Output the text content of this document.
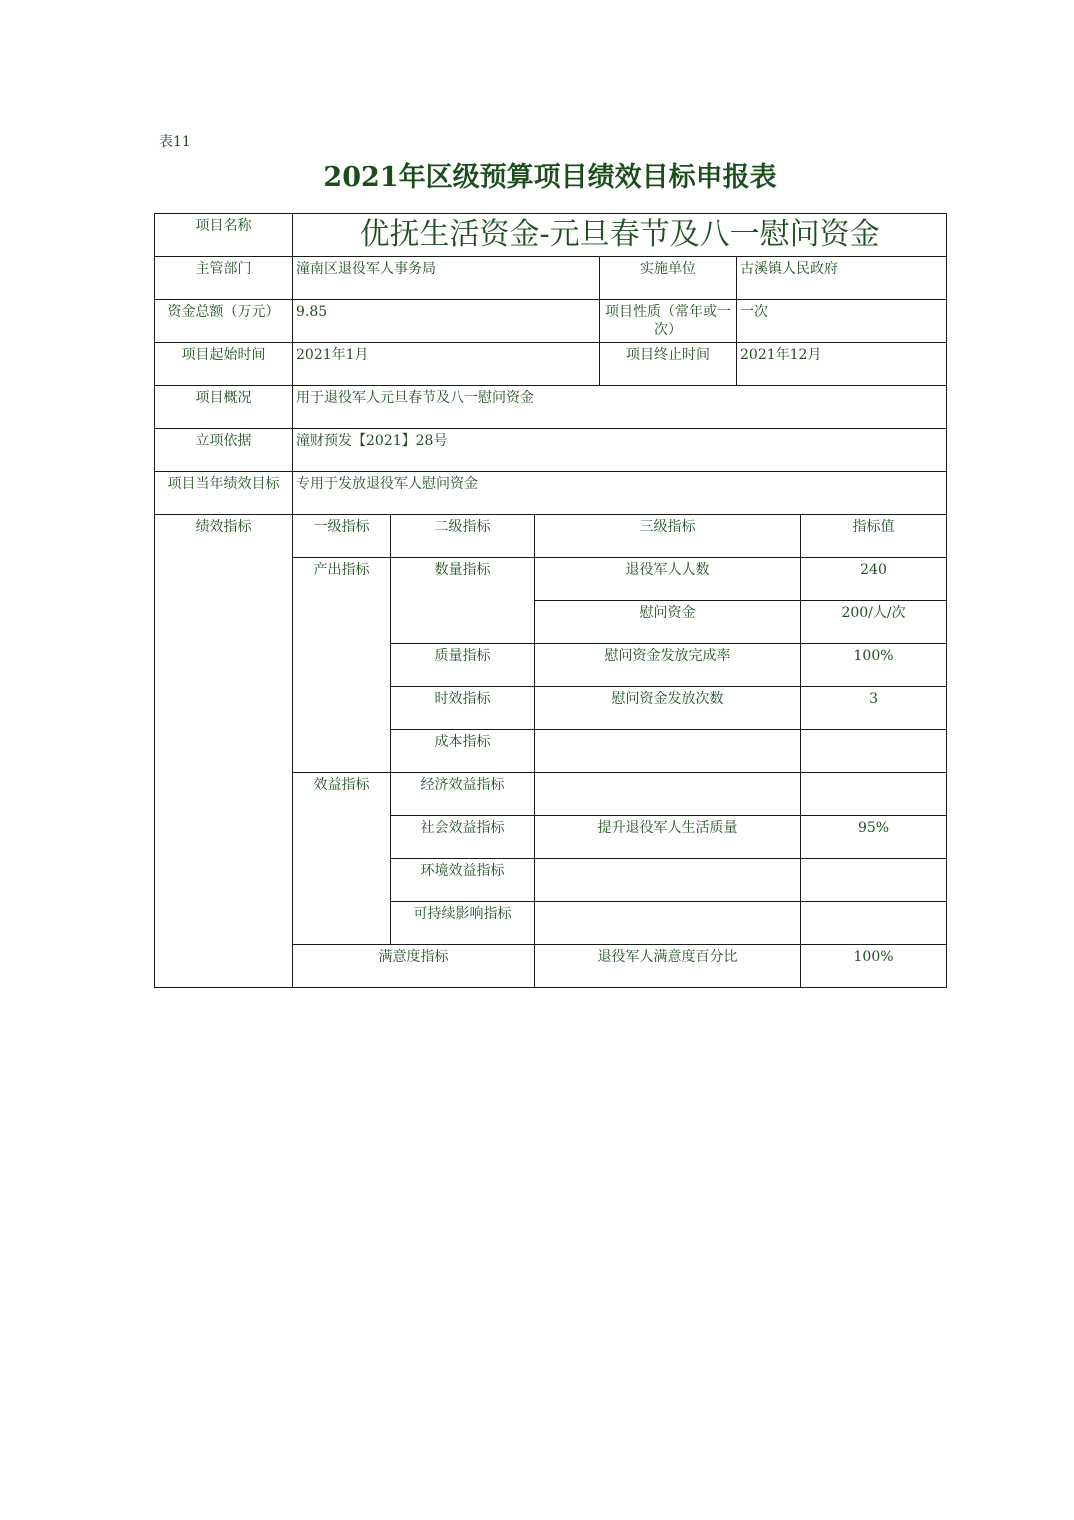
表11
2021年区级预算项目绩效目标申报表
项目名称	优抚生活资金-元旦春节及八一慰问资金					
主管部门	潼南区退役军人事务局			实施单位	古溪镇人民政府	
资金总额（万元）	9.85			项目性质（常年或一次）	一次	
项目起始时间	2021年1月			项目终止时间	2021年12月	
项目概况	用于退役军人元旦春节及八一慰问资金					
立项依据	潼财预发【2021】28号					
项目当年绩效目标	专用于发放退役军人慰问资金					
绩效指标	一级指标	二级指标	三级指标			指标值
	产出指标	数量指标	退役军人人数			240
			慰问资金			200/人/次
		质量指标	慰问资金发放完成率			100%
		时效指标	慰问资金发放次数			3
		成本指标				
	效益指标	经济效益指标				
		社会效益指标	提升退役军人生活质量			95%
		环境效益指标				
		可持续影响指标				
	满意度指标		退役军人满意度百分比			100%
